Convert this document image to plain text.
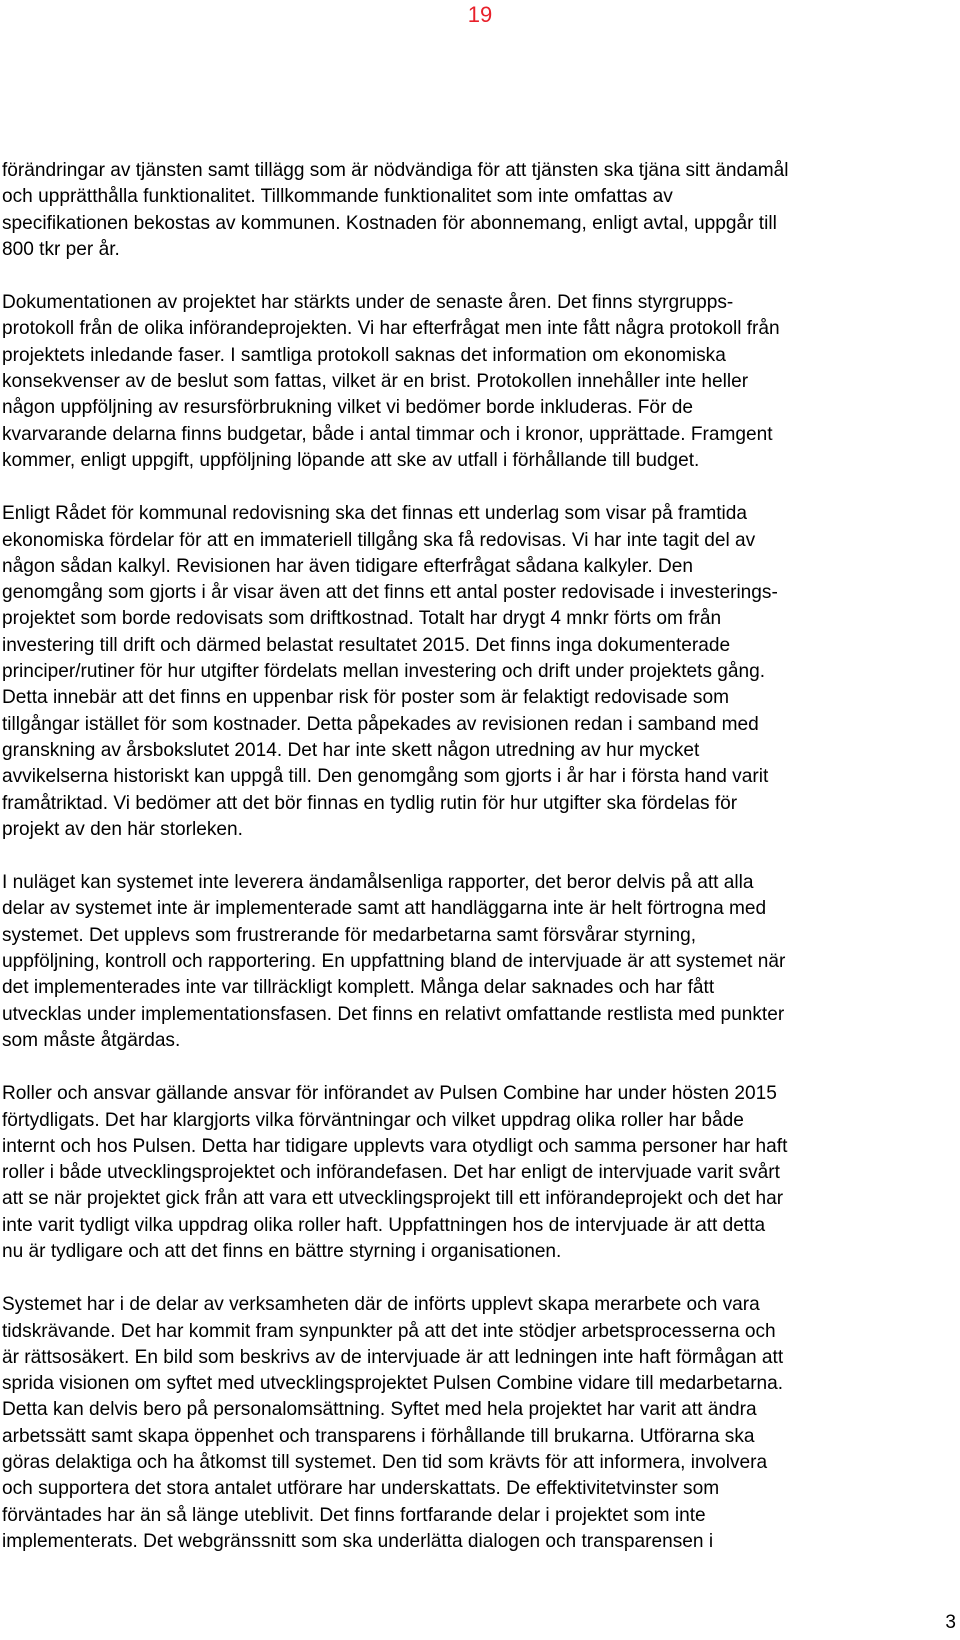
19

förändringar av tjänsten samt tillägg som är nödvändiga för att tjänsten ska tjäna sitt ändamål
och upprätthålla funktionalitet. Tillkommande funktionalitet som inte omfattas av
specifikationen bekostas av kommunen. Kostnaden för abonnemang, enligt avtal, uppgår till
800 tkr per år.

Dokumentationen av projektet har stärkts under de senaste åren. Det finns styrgrupps-
protokoll från de olika införandeprojekten. Vi har efterfrågat men inte fått några protokoll från
projektets inledande faser. I samtliga protokoll saknas det information om ekonomiska
konsekvenser av de beslut som fattas, vilket är en brist. Protokollen innehåller inte heller
någon uppföljning av resursförbrukning vilket vi bedömer borde inkluderas. För de
kvarvarande delarna finns budgetar, både i antal timmar och i kronor, upprättade. Framgent
kommer, enligt uppgift, uppföljning löpande att ske av utfall i förhållande till budget.

Enligt Rådet för kommunal redovisning ska det finnas ett underlag som visar på framtida
ekonomiska fördelar för att en immateriell tillgång ska få redovisas. Vi har inte tagit del av
någon sådan kalkyl. Revisionen har även tidigare efterfrågat sådana kalkyler. Den
genomgång som gjorts i år visar även att det finns ett antal poster redovisade i investerings-
projektet som borde redovisats som driftkostnad. Totalt har drygt 4 mnkr förts om från
investering till drift och därmed belastat resultatet 2015. Det finns inga dokumenterade
principer/rutiner för hur utgifter fördelats mellan investering och drift under projektets gång.
Detta innebär att det finns en uppenbar risk för poster som är felaktigt redovisade som
tillgångar istället för som kostnader. Detta påpekades av revisionen redan i samband med
granskning av årsbokslutet 2014. Det har inte skett någon utredning av hur mycket
avvikelserna historiskt kan uppgå till. Den genomgång som gjorts i år har i första hand varit
framåtriktad. Vi bedömer att det bör finnas en tydlig rutin för hur utgifter ska fördelas för
projekt av den här storleken.

I nuläget kan systemet inte leverera ändamålsenliga rapporter, det beror delvis på att alla
delar av systemet inte är implementerade samt att handläggarna inte är helt förtrogna med
systemet. Det upplevs som frustrerande för medarbetarna samt försvårar styrning,
uppföljning, kontroll och rapportering. En uppfattning bland de intervjuade är att systemet när
det implementerades inte var tillräckligt komplett. Många delar saknades och har fått
utvecklas under implementationsfasen. Det finns en relativt omfattande restlista med punkter
som måste åtgärdas.

Roller och ansvar gällande ansvar för införandet av Pulsen Combine har under hösten 2015
förtydligats. Det har klargjorts vilka förväntningar och vilket uppdrag olika roller har både
internt och hos Pulsen. Detta har tidigare upplevts vara otydligt och samma personer har haft
roller i både utvecklingsprojektet och införandefasen. Det har enligt de intervjuade varit svårt
att se när projektet gick från att vara ett utvecklingsprojekt till ett införandeprojekt och det har
inte varit tydligt vilka uppdrag olika roller haft. Uppfattningen hos de intervjuade är att detta
nu är tydligare och att det finns en bättre styrning i organisationen.

Systemet har i de delar av verksamheten där de införts upplevt skapa merarbete och vara
tidskrävande. Det har kommit fram synpunkter på att det inte stödjer arbetsprocesserna och
är rättsosäkert. En bild som beskrivs av de intervjuade är att ledningen inte haft förmågan att
sprida visionen om syftet med utvecklingsprojektet Pulsen Combine vidare till medarbetarna.
Detta kan delvis bero på personalomsättning. Syftet med hela projektet har varit att ändra
arbetssätt samt skapa öppenhet och transparens i förhållande till brukarna. Utförarna ska
göras delaktiga och ha åtkomst till systemet. Den tid som krävts för att informera, involvera
och supportera det stora antalet utförare har underskattats. De effektivitetvinster som
förväntades har än så länge uteblivit. Det finns fortfarande delar i projektet som inte
implementerats. Det webgränssnitt som ska underlätta dialogen och transparensen i

3
